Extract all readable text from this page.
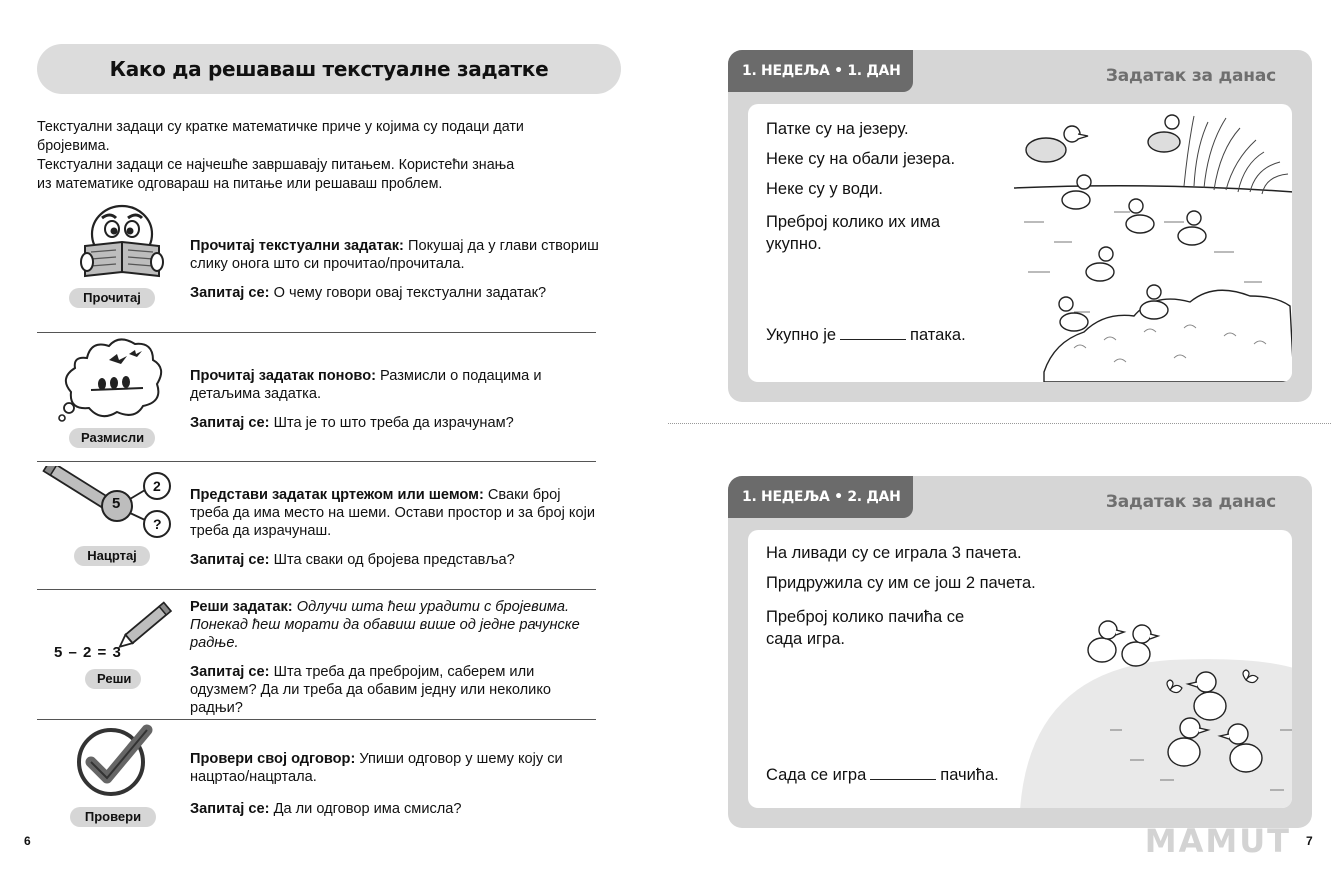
Како да решаваш текстуалне задатке

Текстуални задаци су кратке математичке приче у којима су подаци дати

бројевима.

Текстуални задаци се најчешће завршавају питањем. Користећи знања

из математике одговараш на питање или решаваш проблем.

Прочитај

Прочитај текстуални задатак: Покушај да у глави створиш слику онога што си прочитао/прочитала.

Запитај се: О чему говори овај текстуални задатак?

Размисли

Прочитај задатак поново: Размисли о подацима и детаљима задатка.

Запитај се: Шта је то што треба да израчунам?

5
2
?
Нацртај

Представи задатак цртежом или шемом: Сваки број треба да има место на шеми. Остави простор и за број који треба да израчунаш.

Запитај се: Шта сваки од бројева представља?

5 – 2 = 3
Реши

Реши задатак: Одлучи шта ћеш урадити с бројевима. Понекад ћеш морати да обавиш више од једне рачунске радње.

Запитај се: Шта треба да пребројим, саберем или одузмем? Да ли треба да обавим једну или неколико радњи?

Провери

Провери свој одговор: Упиши одговор у шему коју си нацртао/нацртала.

Запитај се: Да ли одговор има смисла?

6
1. НЕДЕЉА • 1. ДАН	Задатак за данас
Патке су на језеру.
Неке су на обали језера.
Неке су у води.
Преброј колико их има
укупно.
Укупно је	патака.
1. НЕДЕЉА • 2. ДАН	Задатак за данас
На ливади су се играла 3 пачета.
Придружила су им се још 2 пачета.
Преброј колико пачића се
сада игра.
Сада се игра	пачића.
MAMUT 7
